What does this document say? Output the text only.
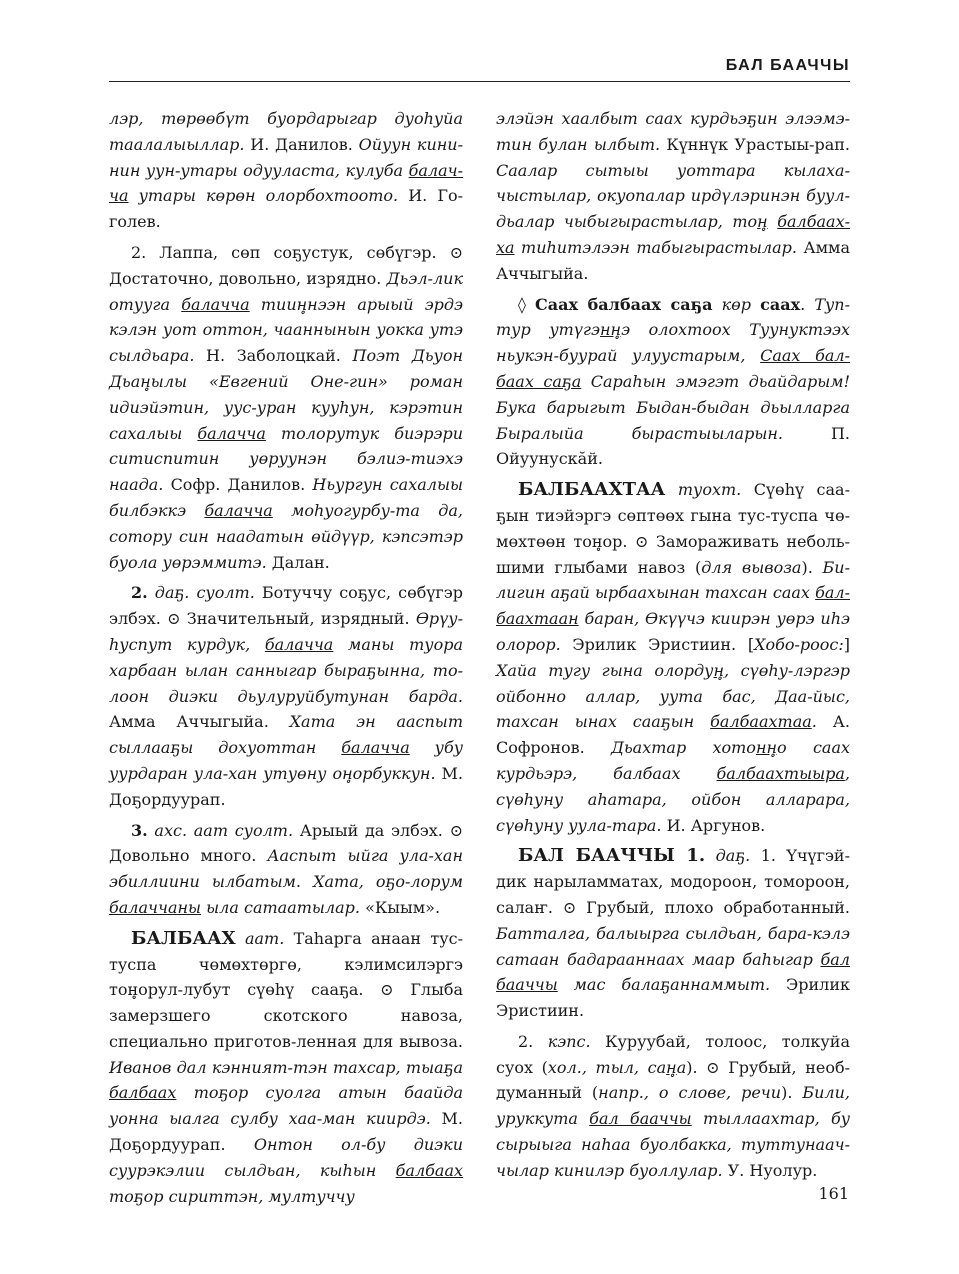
БАЛ БААЧЧЫ

лэр, төрөөбүт буордарыгар дуоһуйа таалалыыллар. И. Данилов. Ойуун кини-нин уун-утары одууласта, кулуба балач-ча утары көрөн олорбохтоото. И. Го-голев.

2. Лаппа, сөп соҕустук, сөбүгэр. ⊙ Достаточно, довольно, изрядно. Дьэл-лик отууга балачча тиин̥нээн арыый эрдэ кэлэн уот оттон, чааннынын уокка утэ сылдьара. Н. Заболоцкай. Поэт Дьуон Дьан̥ылы «Евгений Оне-гин» роман идиэйэтин, уус-уран кууһун, кэрэтин сахалыы балачча толорутук биэрэри ситиспитин уөруунэн бэлиэ-тиэхэ наада. Софр. Данилов. Ньургун сахалыы билбэккэ балачча моһуогурбу-та да, сотору син наадатын өйдүүр, кэпсэтэр буола уөрэммитэ. Далан.

2. даҕ. суолт. Ботуччу соҕус, сөбүгэр элбэх. ⊙ Значительный, изрядный. Өрүу-һуспут курдук, балачча маны туора харбаан ылан санныгар быраҕынна, то-лоон диэки дьулуруйбутунан барда. Амма Аччыгыйа. Хата эн аaспыт сыллааҕы дохуоттан балачча убу уурдаран ула-хан утуөну он̥орбуккун. М. Доҕордуурап.

3. ахс. аат суолт. Арыый да элбэх. ⊙ Довольно много. Аaспыт ыйга ула-хан эбиллиини ылбатым. Хата, оҕо-лорум балаччаны ыла сатаатылар. «Кыым».

БАЛБААХ аат. Таһаргa анаан тус-туспа чөмөхтөргө, кэлимсилэргэ тон̥орул-лубут сүөһү саaҕа. ⊙ Глыба замерзшего скотского навоза, специально приготов-ленная для вывоза. Иванов дал кэнният-тэн тахсар, тыаҕа балбаах тоҕор суолга атын баайда уонна ыалга сулбу хаа-ман киирдэ. М. Доҕордуурап. Онтон ол-бу диэки суурэкэлии сылдьан, кыһын балбаах тоҕор сириттэн, мултуччу

элэйэн хаалбыт саах курдьэҕин элээмэ-тин булан ылбыт. Күннүк Урастыы-рап. Саалар сытыы уоттара кылаха-чыстылар, окуопалар ирдүлэринэн буул-дьалар чыбыгырастылар, тон̥ балбаах-ха тиһитэлээн табыгырастылар. Амма Аччыгыйа.

◊ Саах балбаах саҕа көр саах. Туп-тур утүгэнн̥э олохтоох Туунуктээх ньукэн-буурай улуустарым, Саах бал-баах саҕа Сараһын эмэгэт дьайдарым! Бука барыгыт Быдан-быдан дьылларга Быралыйа быpастыыларын. П. Ойуунускӑй.

БАЛБААХТАА туохт. Сүөһү саа-ҕын тиэйэргэ сөптөөх гына тус-туспа чө-мөхтөөн тон̥ор. ⊙ Замораживать неболь-шими глыбами навоз (для вывоза). Би-лигин аҕай ырбаахынан тахсан саах бал-баахтаан баран, Өкүүчэ киирэн уөрэ иһэ олорор. Эрилик Эристиин. [Хобо-роос:] Хайа тугу гына олордун̥, сүөһу-лэргэр ойбонно аллар, уута бас, Даа-йыс, тахсан ынах саaҕын балбаахтаа. А. Софронов. Дьахтар хотонн̥о саах курдьэрэ, балбаах балбаахтыыра, сүөһуну аһатара, ойбон аллaрара, сүөһуну уула-тара. И. Аргунов.

БАЛ БААЧЧЫ 1. даҕ. 1. Үчүгэй-дик нарыламматах, модороон, томороон, салаҥ. ⊙ Грубый, плохо обработанный. Батталга, балыырга сылдьан, бара-кэлэ сатаан бадарааннаах маар баһыгар бал бааччы мас балаҕаннаммыт. Эрилик Эристиин.

2. кэпс. Куруубай, толоос, толкуйа суох (хол., тыл, сан̥а). ⊙ Грубый, необ-думанный (напр., о слове, речи). Били, уруккута бал бааччы тыллаахтар, бу сырыыга наһаа буолбакка, туттунаач-чылар кинилэр буоллулар. У. Нуолур.

161
